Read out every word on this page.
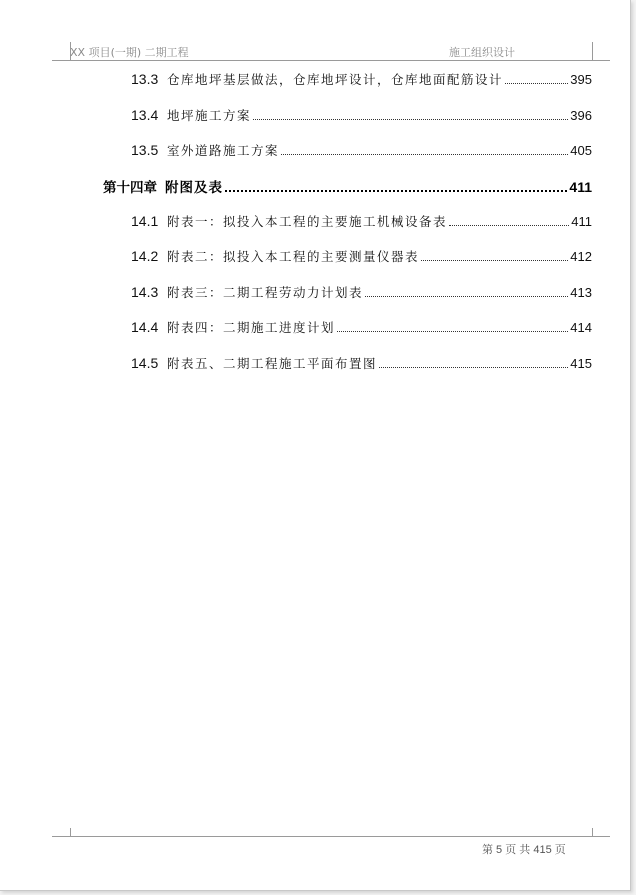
XX 项目(一期) 二期工程	施工组织设计
13.3 仓库地坪基层做法，仓库地坪设计，仓库地面配筋设计	395
13.4 地坪施工方案	396
13.5 室外道路施工方案	405
第十四章 附图及表	411
14.1 附表一：拟投入本工程的主要施工机械设备表	411
14.2 附表二：拟投入本工程的主要测量仪器表	412
14.3 附表三：二期工程劳动力计划表	413
14.4 附表四：二期施工进度计划	414
14.5 附表五、二期工程施工平面布置图	415
第 5 页 共 415 页
